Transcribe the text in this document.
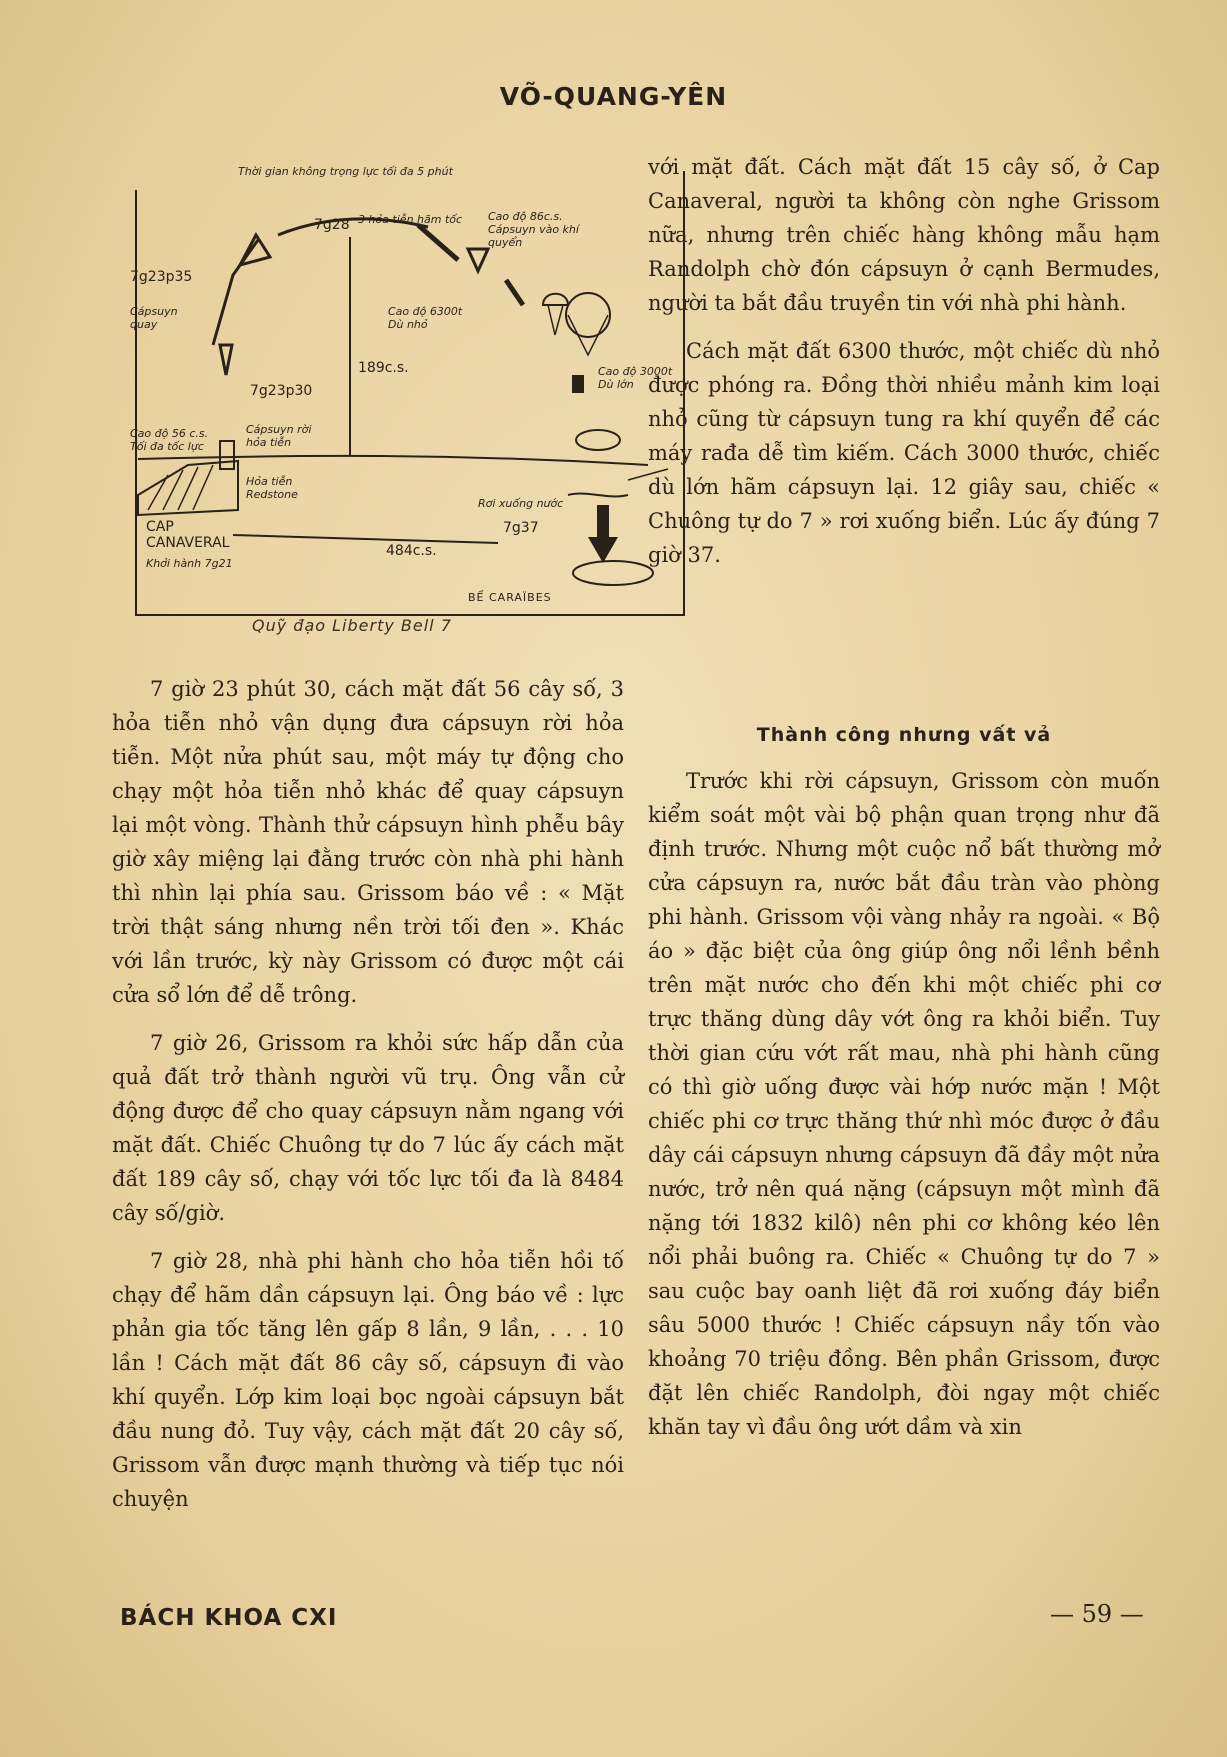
VÕ-QUANG-YÊN
Thời gian không trọng lực tối đa 5 phút
7g28 3 hỏa tiễn hãm tốc Cao độ 86c.s. Cápsuyn vào khí quyển
7g23p35
Cápsuyn quay
Cao độ 6300t Dù nhỏ
189c.s.	Cao độ 3000t Dù lớn
7g23p30
Cao độ 56 c.s. Tối đa tốc lực
Cápsuyn rời hỏa tiễn
Hỏa tiễn Redstone
Rơi xuống nước
7g37
CAP CANAVERAL
Khởi hành 7g21
484c.s.
BỂ CARAÏBES
Quỹ đạo Liberty Bell 7

7 giờ 23 phút 30, cách mặt đất 56 cây số, 3 hỏa tiễn nhỏ vận dụng đưa cápsuyn rời hỏa tiễn. Một nửa phút sau, một máy tự động cho chạy một hỏa tiễn nhỏ khác để quay cápsuyn lại một vòng. Thành thử cápsuyn hình phễu bây giờ xây miệng lại đằng trước còn nhà phi hành thì nhìn lại phía sau. Grissom báo về : « Mặt trời thật sáng nhưng nền trời tối đen ». Khác với lần trước, kỳ này Grissom có được một cái cửa sổ lớn để dễ trông.

7 giờ 26, Grissom ra khỏi sức hấp dẫn của quả đất trở thành người vũ trụ. Ông vẫn cử động được để cho quay cápsuyn nằm ngang với mặt đất. Chiếc Chuông tự do 7 lúc ấy cách mặt đất 189 cây số, chạy với tốc lực tối đa là 8484 cây số/giờ.

7 giờ 28, nhà phi hành cho hỏa tiễn hồi tố chạy để hãm dần cápsuyn lại. Ông báo về : lực phản gia tốc tăng lên gấp 8 lần, 9 lần, . . . 10 lần ! Cách mặt đất 86 cây số, cápsuyn đi vào khí quyển. Lớp kim loại bọc ngoài cápsuyn bắt đầu nung đỏ. Tuy vậy, cách mặt đất 20 cây số, Grissom vẫn được mạnh thường và tiếp tục nói chuyện

với mặt đất. Cách mặt đất 15 cây số, ở Cap Canaveral, người ta không còn nghe Grissom nữa, nhưng trên chiếc hàng không mẫu hạm Randolph chờ đón cápsuyn ở cạnh Bermudes, người ta bắt đầu truyền tin với nhà phi hành.

Cách mặt đất 6300 thước, một chiếc dù nhỏ được phóng ra. Đồng thời nhiều mảnh kim loại nhỏ cũng từ cápsuyn tung ra khí quyển để các máy rađa dễ tìm kiếm. Cách 3000 thước, chiếc dù lớn hãm cápsuyn lại. 12 giây sau, chiếc « Chuông tự do 7 » rơi xuống biển. Lúc ấy đúng 7 giờ 37.

Thành công nhưng vất vả

Trước khi rời cápsuyn, Grissom còn muốn kiểm soát một vài bộ phận quan trọng như đã định trước. Nhưng một cuộc nổ bất thường mở cửa cápsuyn ra, nước bắt đầu tràn vào phòng phi hành. Grissom vội vàng nhảy ra ngoài. « Bộ áo » đặc biệt của ông giúp ông nổi lềnh bềnh trên mặt nước cho đến khi một chiếc phi cơ trực thăng dùng dây vớt ông ra khỏi biển. Tuy thời gian cứu vớt rất mau, nhà phi hành cũng có thì giờ uống được vài hớp nước mặn ! Một chiếc phi cơ trực thăng thứ nhì móc được ở đầu dây cái cápsuyn nhưng cápsuyn đã đầy một nửa nước, trở nên quá nặng (cápsuyn một mình đã nặng tới 1832 kilô) nên phi cơ không kéo lên nổi phải buông ra. Chiếc « Chuông tự do 7 » sau cuộc bay oanh liệt đã rơi xuống đáy biển sâu 5000 thước ! Chiếc cápsuyn nầy tốn vào khoảng 70 triệu đồng. Bên phần Grissom, được đặt lên chiếc Randolph, đòi ngay một chiếc khăn tay vì đầu ông ướt dầm và xin

BÁCH KHOA CXI	— 59 —
